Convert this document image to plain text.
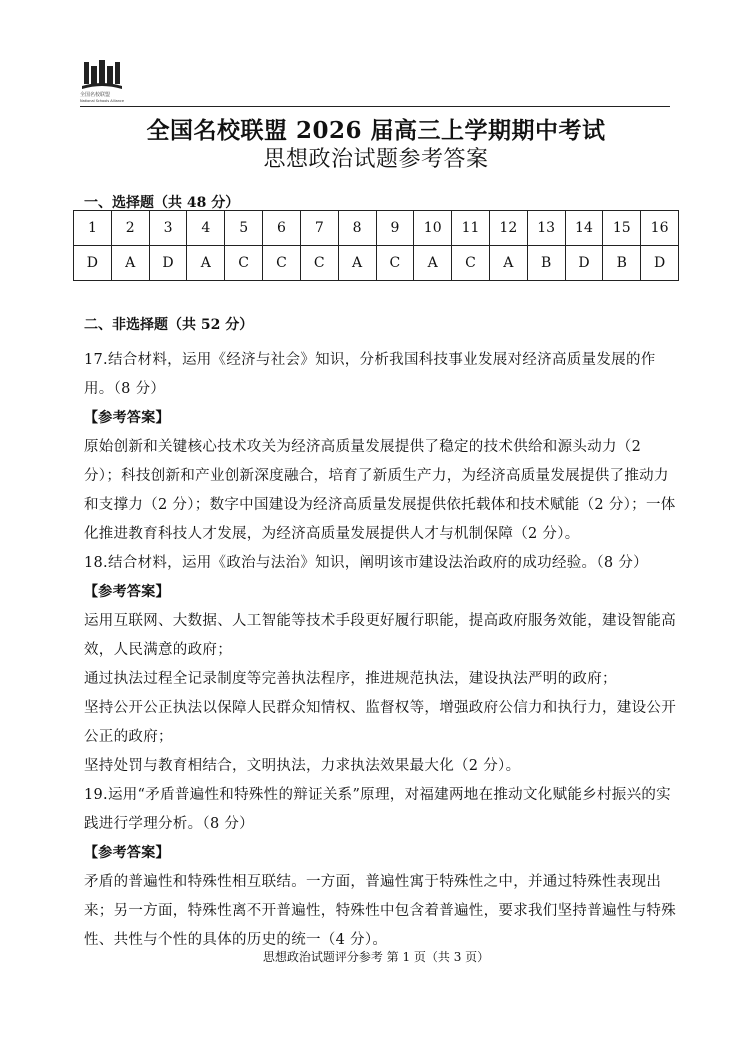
全国名校联盟
National Schools Alliance
全国名校联盟 2026 届高三上学期期中考试
思想政治试题参考答案
一、选择题（共 48 分）
1	2	3	4	5	6	7	8	9	10	11	12	13	14	15	16
D	A	D	A	C	C	C	A	C	A	C	A	B	D	B	D
二、非选择题（共 52 分）
17.结合材料，运用《经济与社会》知识，分析我国科技事业发展对经济高质量发展的作用。（8 分）
【参考答案】
原始创新和关键核心技术攻关为经济高质量发展提供了稳定的技术供给和源头动力（2 分）；科技创新和产业创新深度融合，培育了新质生产力，为经济高质量发展提供了推动力和支撑力（2 分）；数字中国建设为经济高质量发展提供依托载体和技术赋能（2 分）；一体化推进教育科技人才发展，为经济高质量发展提供人才与机制保障（2 分）。
18.结合材料，运用《政治与法治》知识，阐明该市建设法治政府的成功经验。（8 分）
【参考答案】
运用互联网、大数据、人工智能等技术手段更好履行职能，提高政府服务效能，建设智能高效，人民满意的政府；
通过执法过程全记录制度等完善执法程序，推进规范执法，建设执法严明的政府；
坚持公开公正执法以保障人民群众知情权、监督权等，增强政府公信力和执行力，建设公开公正的政府；
坚持处罚与教育相结合，文明执法，力求执法效果最大化（2 分）。
19.运用“矛盾普遍性和特殊性的辩证关系”原理，对福建两地在推动文化赋能乡村振兴的实践进行学理分析。（8 分）
【参考答案】
矛盾的普遍性和特殊性相互联结。一方面，普遍性寓于特殊性之中，并通过特殊性表现出来；另一方面，特殊性离不开普遍性，特殊性中包含着普遍性，要求我们坚持普遍性与特殊性、共性与个性的具体的历史的统一（4 分）。
思想政治试题评分参考 第 1 页（共 3 页）
